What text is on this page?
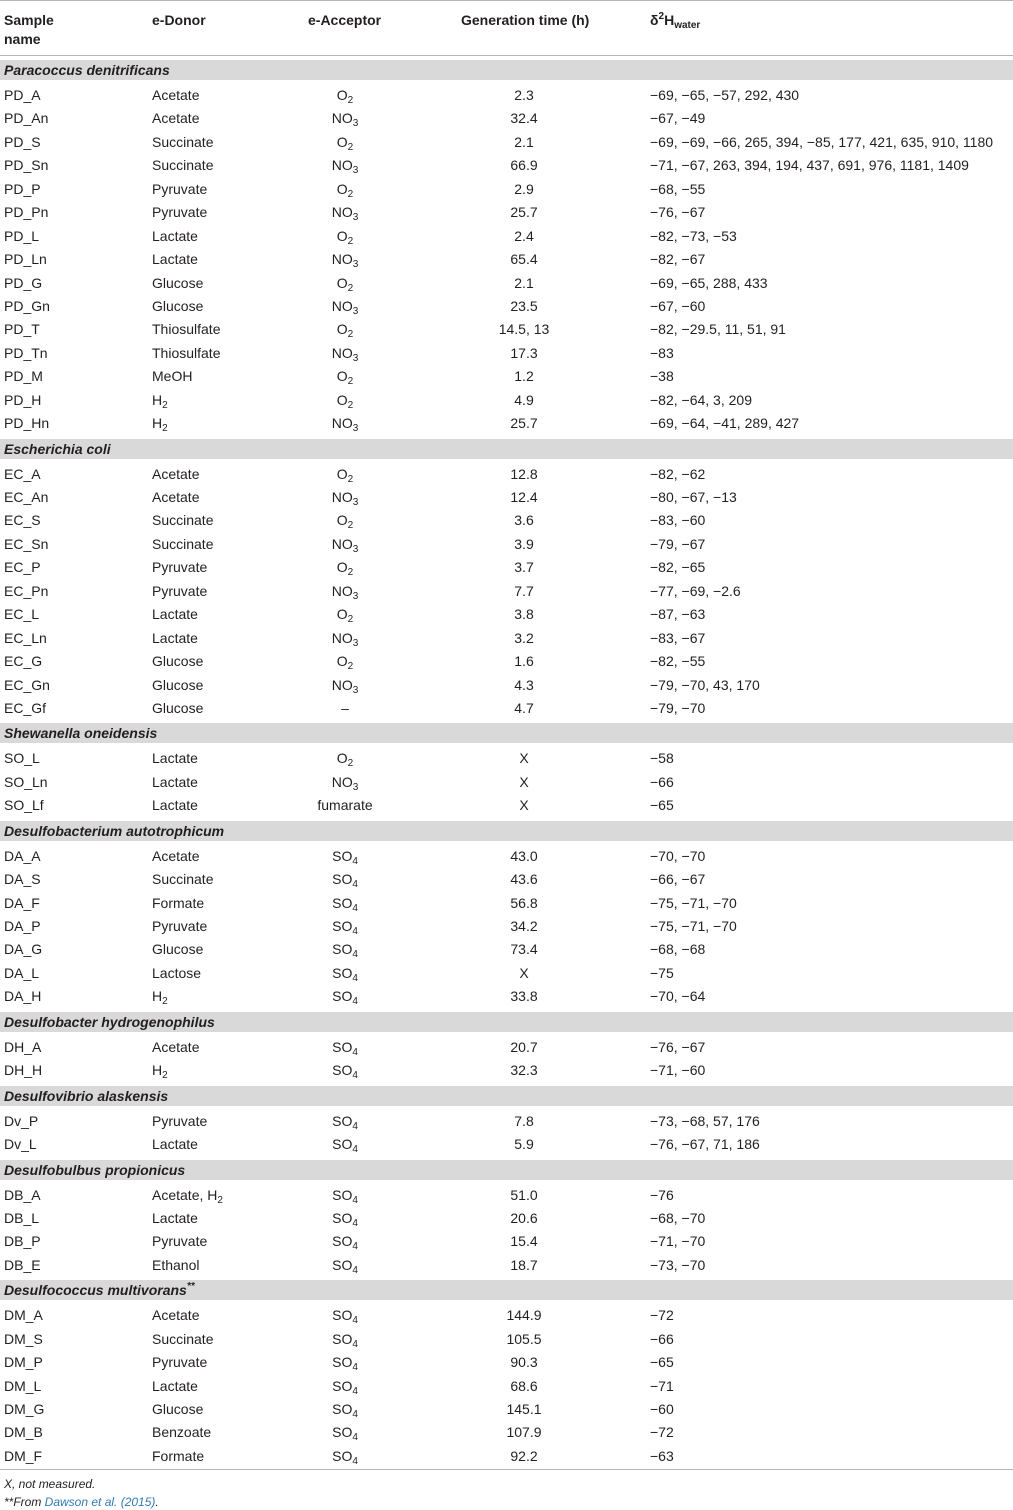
Sample name
e-Donor	e-Acceptor	Generation time (h)	$\delta^2H_{water}$
Paracoccus denitrificans
PD_A	Acetate	$O_2$	2.3	−69, −65, −57, 292, 430
PD_An	Acetate	$NO_3$	32.4	−67, −49
PD_S	Succinate	$O_2$	2.1	−69, −69, −66, 265, 394, −85, 177, 421, 635, 910, 1180
PD_Sn	Succinate	$NO_3$	66.9	−71, −67, 263, 394, 194, 437, 691, 976, 1181, 1409
PD_P	Pyruvate	$O_2$	2.9	−68, −55
PD_Pn	Pyruvate	$NO_3$	25.7	−76, −67
PD_L	Lactate	$O_2$	2.4	−82, −73, −53
PD_Ln	Lactate	$NO_3$	65.4	−82, −67
PD_G	Glucose	$O_2$	2.1	−69, −65, 288, 433
PD_Gn	Glucose	$NO_3$	23.5	−67, −60
PD_T	Thiosulfate	$O_2$	14.5, 13	−82, −29.5, 11, 51, 91
PD_Tn	Thiosulfate	$NO_3$	17.3	−83
PD_M	MeOH	$O_2$	1.2	−38
PD_H	$H_2$	$O_2$	4.9	−82, −64, 3, 209
PD_Hn	$H_2$	$NO_3$	25.7	−69, −64, −41, 289, 427
Escherichia coli
EC_A	Acetate	$O_2$	12.8	−82, −62
EC_An	Acetate	$NO_3$	12.4	−80, −67, −13
EC_S	Succinate	$O_2$	3.6	−83, −60
EC_Sn	Succinate	$NO_3$	3.9	−79, −67
EC_P	Pyruvate	$O_2$	3.7	−82, −65
EC_Pn	Pyruvate	$NO_3$	7.7	−77, −69, −2.6
EC_L	Lactate	$O_2$	3.8	−87, −63
EC_Ln	Lactate	$NO_3$	3.2	−83, −67
EC_G	Glucose	$O_2$	1.6	−82, −55
EC_Gn	Glucose	$NO_3$	4.3	−79, −70, 43, 170
EC_Gf	Glucose	–	4.7	−79, −70
Shewanella oneidensis
SO_L	Lactate	$O_2$	X	−58
SO_Ln	Lactate	$NO_3$	X	−66
SO_Lf	Lactate	fumarate	X	−65
Desulfobacterium autotrophicum
DA_A	Acetate	$SO_4$	43.0	−70, −70
DA_S	Succinate	$SO_4$	43.6	−66, −67
DA_F	Formate	$SO_4$	56.8	−75, −71, −70
DA_P	Pyruvate	$SO_4$	34.2	−75, −71, −70
DA_G	Glucose	$SO_4$	73.4	−68, −68
DA_L	Lactose	$SO_4$	X	−75
DA_H	$H_2$	$SO_4$	33.8	−70, −64
Desulfobacter hydrogenophilus
DH_A	Acetate	$SO_4$	20.7	−76, −67
DH_H	$H_2$	$SO_4$	32.3	−71, −60
Desulfovibrio alaskensis
Dv_P	Pyruvate	$SO_4$	7.8	−73, −68, 57, 176
Dv_L	Lactate	$SO_4$	5.9	−76, −67, 71, 186
Desulfobulbus propionicus
DB_A	Acetate, $H_2$	$SO_4$	51.0	−76
DB_L	Lactate	$SO_4$	20.6	−68, −70
DB_P	Pyruvate	$SO_4$	15.4	−71, −70
DB_E	Ethanol	$SO_4$	18.7	−73, −70
Desulfococcus multivorans**
DM_A	Acetate	$SO_4$	144.9	−72
DM_S	Succinate	$SO_4$	105.5	−66
DM_P	Pyruvate	$SO_4$	90.3	−65
DM_L	Lactate	$SO_4$	68.6	−71
DM_G	Glucose	$SO_4$	145.1	−60
DM_B	Benzoate	$SO_4$	107.9	−72
DM_F	Formate	$SO_4$	92.2	−63
X, not measured.
**From Dawson et al. (2015).
